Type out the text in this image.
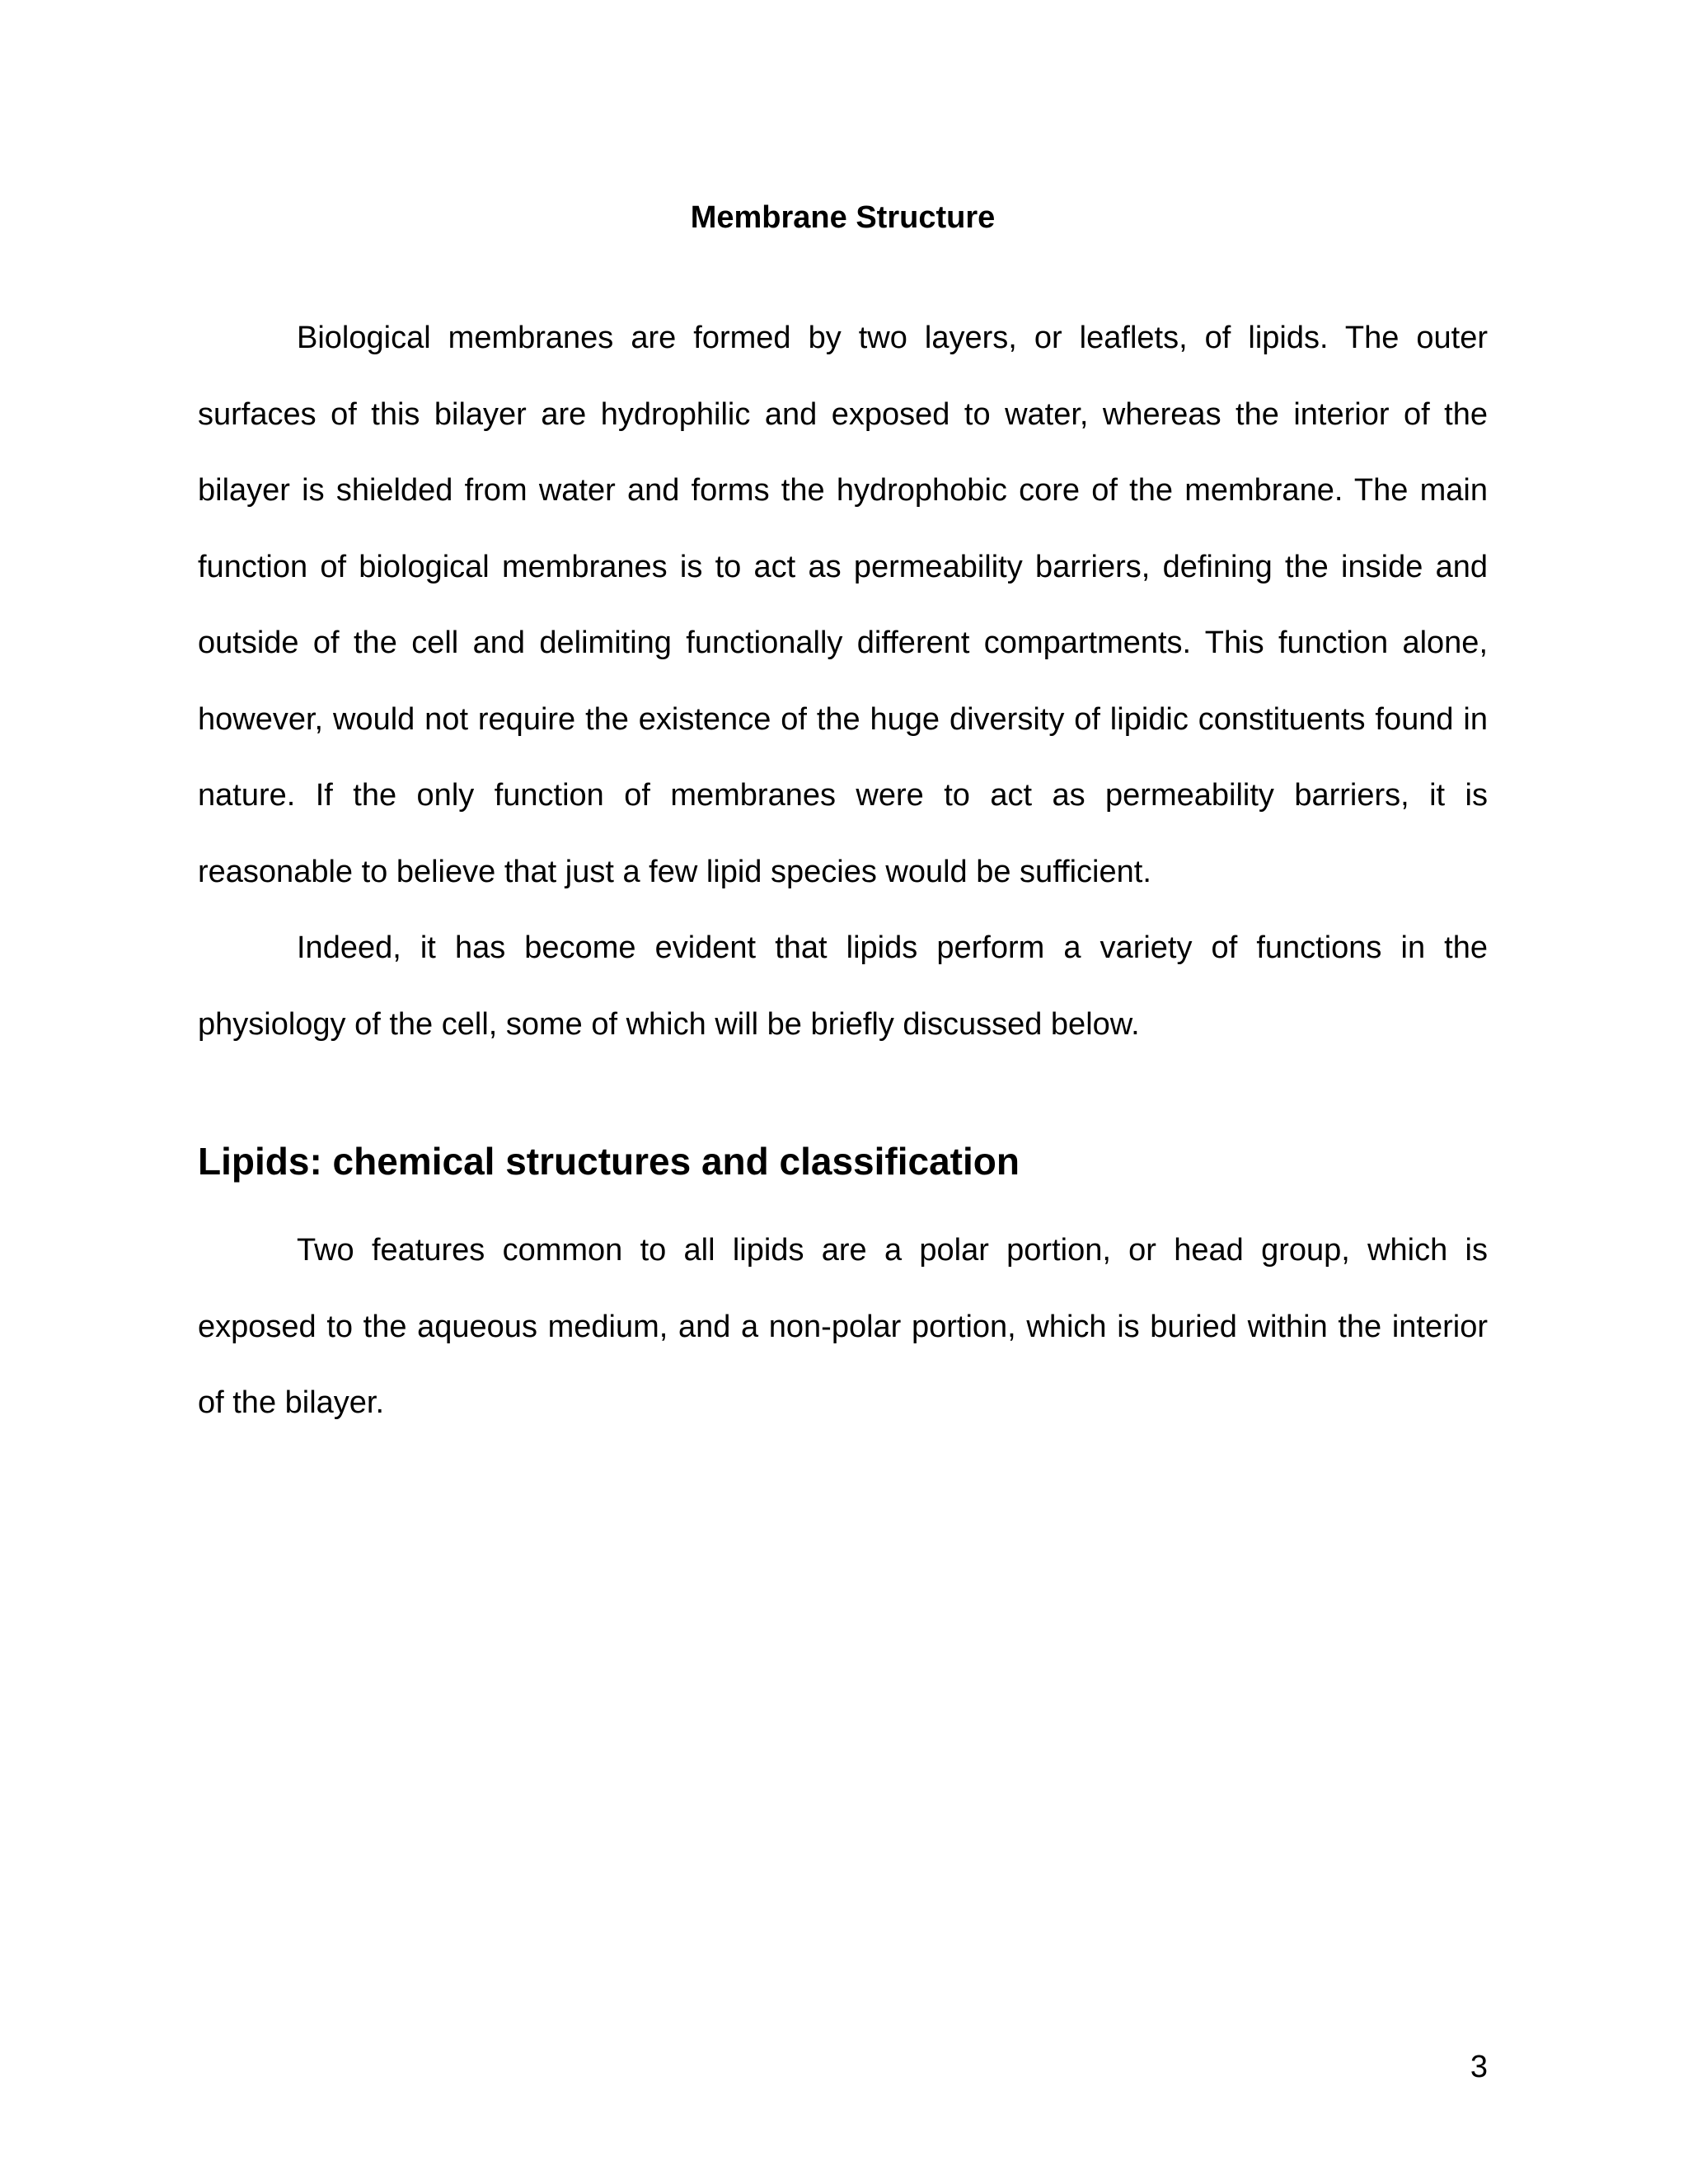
Membrane Structure

Biological membranes are formed by two layers, or leaflets, of lipids. The outer surfaces of this bilayer are hydrophilic and exposed to water, whereas the interior of the bilayer is shielded from water and forms the hydrophobic core of the membrane. The main function of biological membranes is to act as permeability barriers, defining the inside and outside of the cell and delimiting functionally different compartments. This function alone, however, would not require the existence of the huge diversity of lipidic constituents found in nature. If the only function of membranes were to act as permeability barriers, it is reasonable to believe that just a few lipid species would be sufficient.

Indeed, it has become evident that lipids perform a variety of functions in the physiology of the cell, some of which will be briefly discussed below.

Lipids: chemical structures and classification

Two features common to all lipids are a polar portion, or head group, which is exposed to the aqueous medium, and a non-polar portion, which is buried within the interior of the bilayer.

3
